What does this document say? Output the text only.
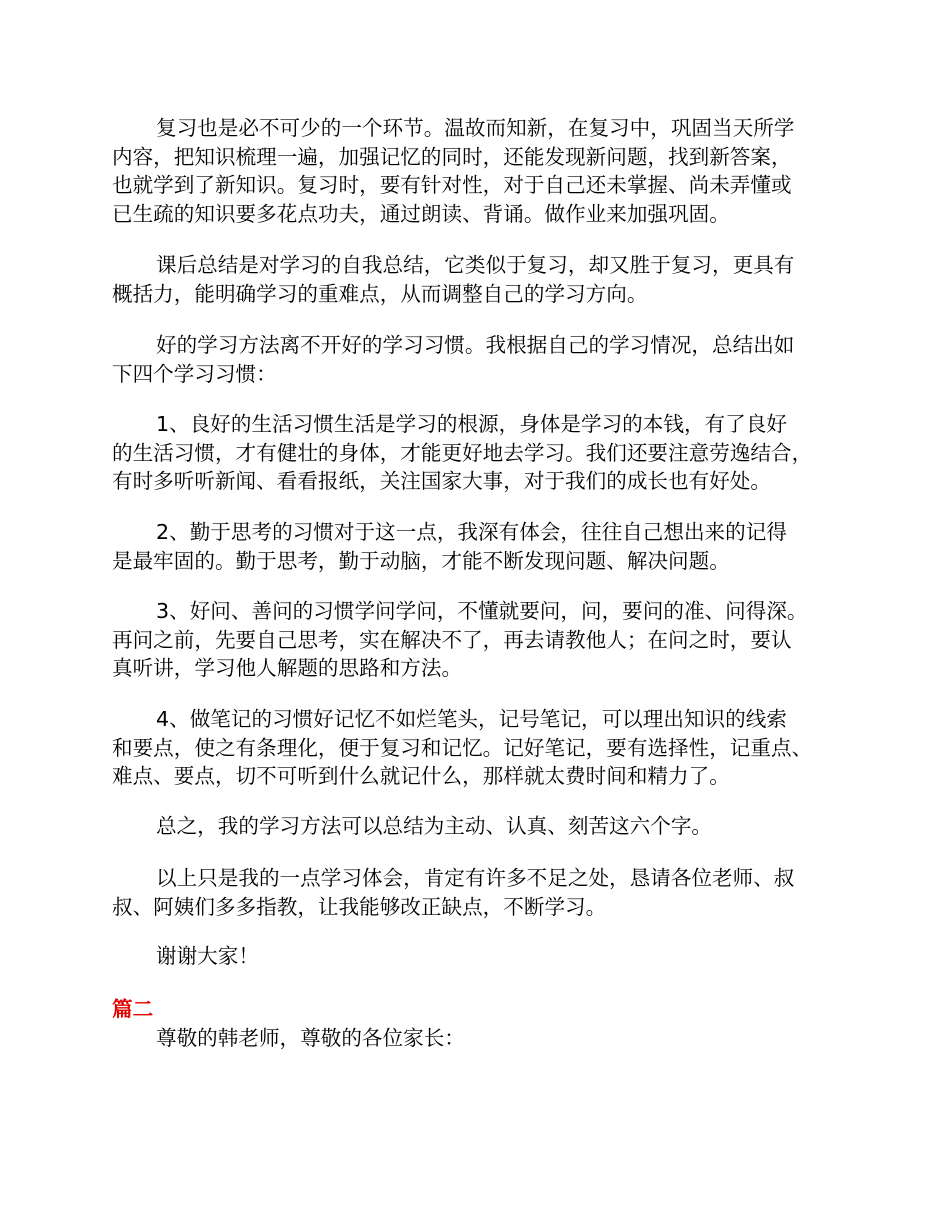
复习也是必不可少的一个环节。温故而知新，在复习中，巩固当天所学
内容，把知识梳理一遍，加强记忆的同时，还能发现新问题，找到新答案，
也就学到了新知识。复习时，要有针对性，对于自己还未掌握、尚未弄懂或
已生疏的知识要多花点功夫，通过朗读、背诵。做作业来加强巩固。
课后总结是对学习的自我总结，它类似于复习，却又胜于复习，更具有
概括力，能明确学习的重难点，从而调整自己的学习方向。
好的学习方法离不开好的学习习惯。我根据自己的学习情况，总结出如
下四个学习习惯：
1、良好的生活习惯生活是学习的根源，身体是学习的本钱，有了良好
的生活习惯，才有健壮的身体，才能更好地去学习。我们还要注意劳逸结合，
有时多听听新闻、看看报纸，关注国家大事，对于我们的成长也有好处。
2、勤于思考的习惯对于这一点，我深有体会，往往自己想出来的记得
是最牢固的。勤于思考，勤于动脑，才能不断发现问题、解决问题。
3、好问、善问的习惯学问学问，不懂就要问，问，要问的准、问得深。
再问之前，先要自己思考，实在解决不了，再去请教他人；在问之时，要认
真听讲，学习他人解题的思路和方法。
4、做笔记的习惯好记忆不如烂笔头，记号笔记，可以理出知识的线索
和要点，使之有条理化，便于复习和记忆。记好笔记，要有选择性，记重点、
难点、要点，切不可听到什么就记什么，那样就太费时间和精力了。
总之，我的学习方法可以总结为主动、认真、刻苦这六个字。
以上只是我的一点学习体会，肯定有许多不足之处，恳请各位老师、叔
叔、阿姨们多多指教，让我能够改正缺点，不断学习。
谢谢大家！
篇二
尊敬的韩老师，尊敬的各位家长：
